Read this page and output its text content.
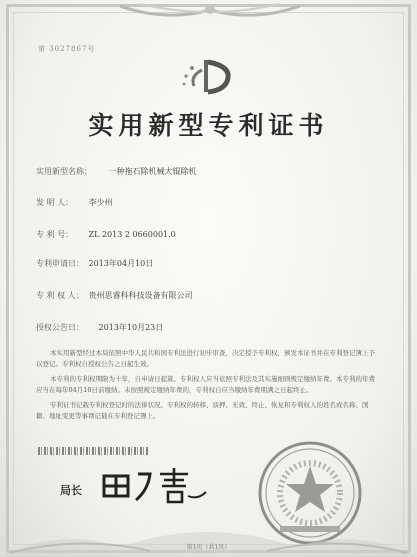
第 3027867号
实用新型专利证书
实用新型名称： 一种拖石除机械大辊除机
发 明 人： 李少州
专 利 号： ZL 2013 2 0660001.0
专利申请日： 2013年04月10日
专 利 权 人： 贵州思睿科科技设备有限公司
授权公告日： 2013年10月23日

本实用新型经过本局依照中华人民共和国专利法进行初步审查，决定授予专利权，颁发本证书并在专利登记簿上予以登记。专利权自授权公告之日起生效。

本专利的专利权期限为十年，自申请日起算。专利权人应当依照专利法及其实施细则规定缴纳年费。本专利的年费应当在每年04月10日前缴纳。未按照规定缴纳年费的，专利权自应当缴纳年费期满之日起终止。

专利证书记载专利权登记时的法律状况。专利权的转移、质押、无效、终止、恢复和专利权人的姓名或名称、国籍、地址变更等事项记载在专利登记簿上。

局长
第1页（共1页）
